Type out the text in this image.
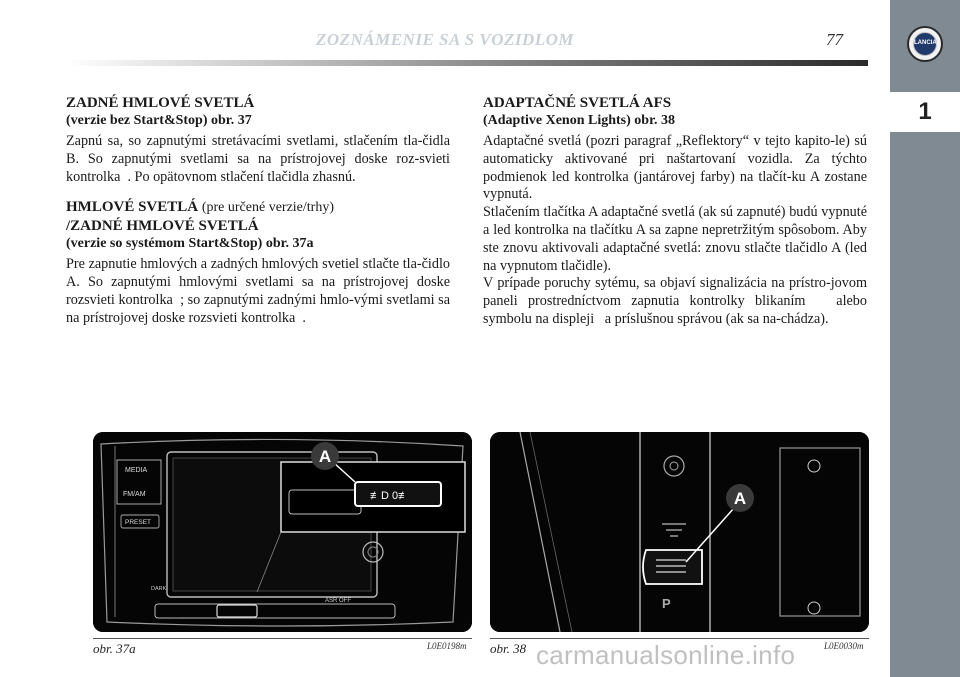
ZOZNÁMENIE SA S VOZIDLOM	77	LANCIA
1
ZADNÉ HMLOVÉ SVETLÁ
(verzie bez Start&Stop) obr. 37

Zapnú sa, so zapnutými stretávacími svetlami, stlačením tla-čidla B. So zapnutými svetlami sa na prístrojovej doske roz-svieti kontrolka  . Po opätovnom stlačení tlačidla zhasnú.

HMLOVÉ SVETLÁ (pre určené verzie/trhy)
/ZADNÉ HMLOVÉ SVETLÁ
(verzie so systémom Start&Stop) obr. 37a

Pre zapnutie hmlových a zadných hmlových svetiel stlačte tla-čidlo A. So zapnutými hmlovými svetlami sa na prístrojovej doske rozsvieti kontrolka  ; so zapnutými zadnými hmlo-vými svetlami sa na prístrojovej doske rozsvieti kontrolka  .

ADAPTAČNÉ SVETLÁ AFS
(Adaptive Xenon Lights) obr. 38

Adaptačné svetlá (pozri paragraf „Reflektory“ v tejto kapito-le) sú automaticky aktivované pri naštartovaní vozidla. Za týchto podmienok led kontrolka (jantárovej farby) na tlačít-ku A zostane vypnutá.

Stlačením tlačítka A adaptačné svetlá (ak sú zapnuté) budú vypnuté a led kontrolka na tlačítku A sa zapne nepretržitým spôsobom. Aby ste znovu aktivovali adaptačné svetlá: znovu stlačte tlačidlo A (led na vypnutom tlačidle).

V prípade poruchy sytému, sa objaví signalizácia na prístro-jovom paneli prostredníctvom zapnutia kontrolky blikaním   alebo symbolu na displeji   a príslušnou správou (ak sa na-chádza).

MEDIA
FM/AM
PRESET
DARK
ASR OFF
≢D 0≢
A
obr. 37a	L0E0198m
P
A
obr. 38	L0E0030m
carmanualsonline.info
